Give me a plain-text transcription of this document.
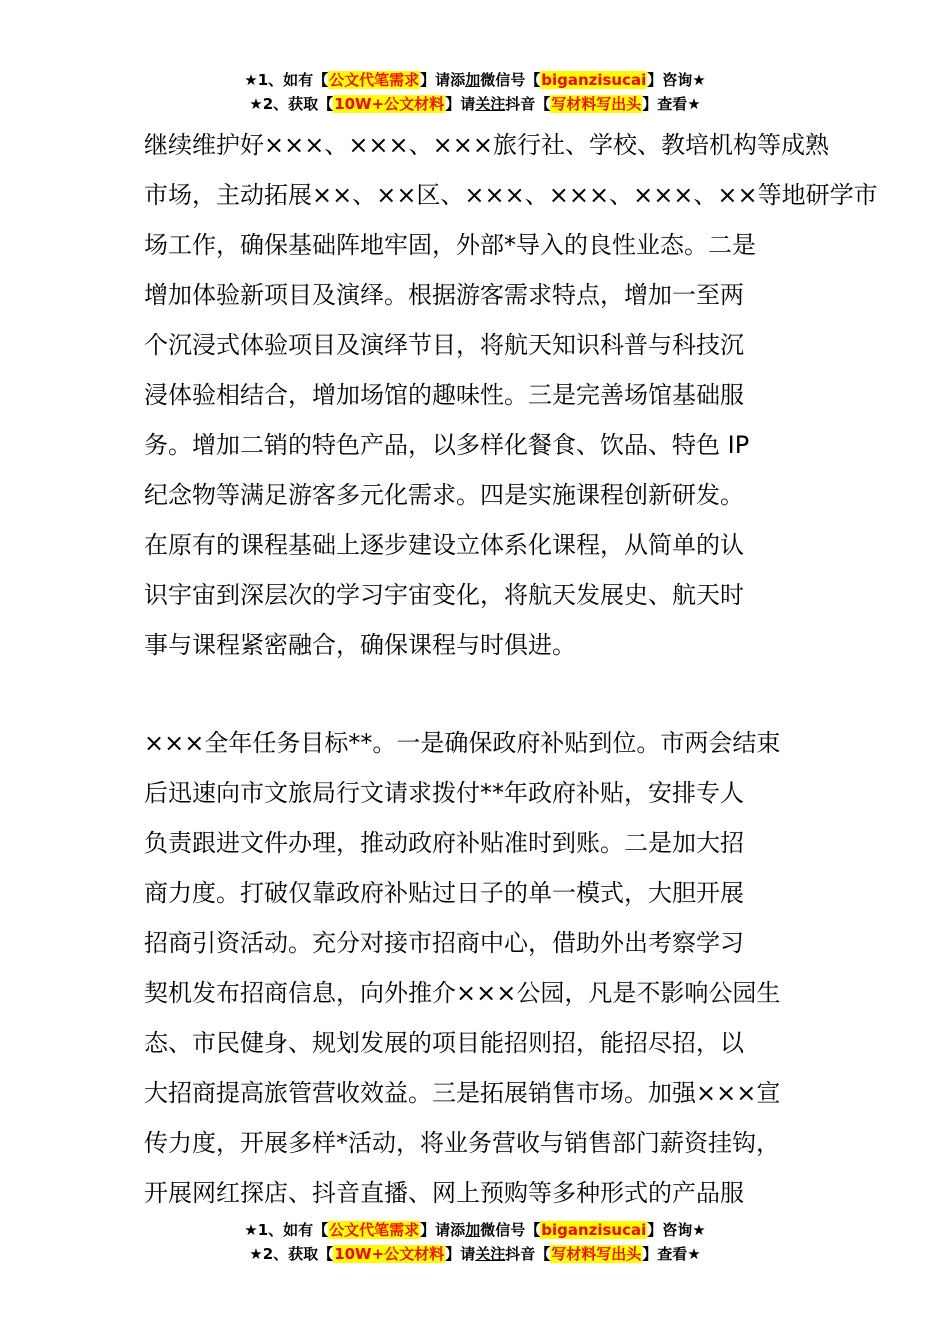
★1、如有【公文代笔需求】请添加微信号【biganzisucai】咨询★
★2、获取【10W+公文材料】请关注抖音【写材料写出头】查看★
继续维护好×××、×××、×××旅行社、学校、教培机构等成熟
市场，主动拓展××、××区、×××、×××、×××、××等地研学市
场工作，确保基础阵地牢固，外部*导入的良性业态。二是
增加体验新项目及演绎。根据游客需求特点，增加一至两
个沉浸式体验项目及演绎节目，将航天知识科普与科技沉
浸体验相结合，增加场馆的趣味性。三是完善场馆基础服
务。增加二销的特色产品，以多样化餐食、饮品、特色 IP
纪念物等满足游客多元化需求。四是实施课程创新研发。
在原有的课程基础上逐步建设立体系化课程，从简单的认
识宇宙到深层次的学习宇宙变化，将航天发展史、航天时
事与课程紧密融合，确保课程与时俱进。
×××全年任务目标**。一是确保政府补贴到位。市两会结束
后迅速向市文旅局行文请求拨付**年政府补贴，安排专人
负责跟进文件办理，推动政府补贴准时到账。二是加大招
商力度。打破仅靠政府补贴过日子的单一模式，大胆开展
招商引资活动。充分对接市招商中心，借助外出考察学习
契机发布招商信息，向外推介×××公园，凡是不影响公园生
态、市民健身、规划发展的项目能招则招，能招尽招，以
大招商提高旅管营收效益。三是拓展销售市场。加强×××宣
传力度，开展多样*活动，将业务营收与销售部门薪资挂钩，
开展网红探店、抖音直播、网上预购等多种形式的产品服
★1、如有【公文代笔需求】请添加微信号【biganzisucai】咨询★
★2、获取【10W+公文材料】请关注抖音【写材料写出头】查看★
